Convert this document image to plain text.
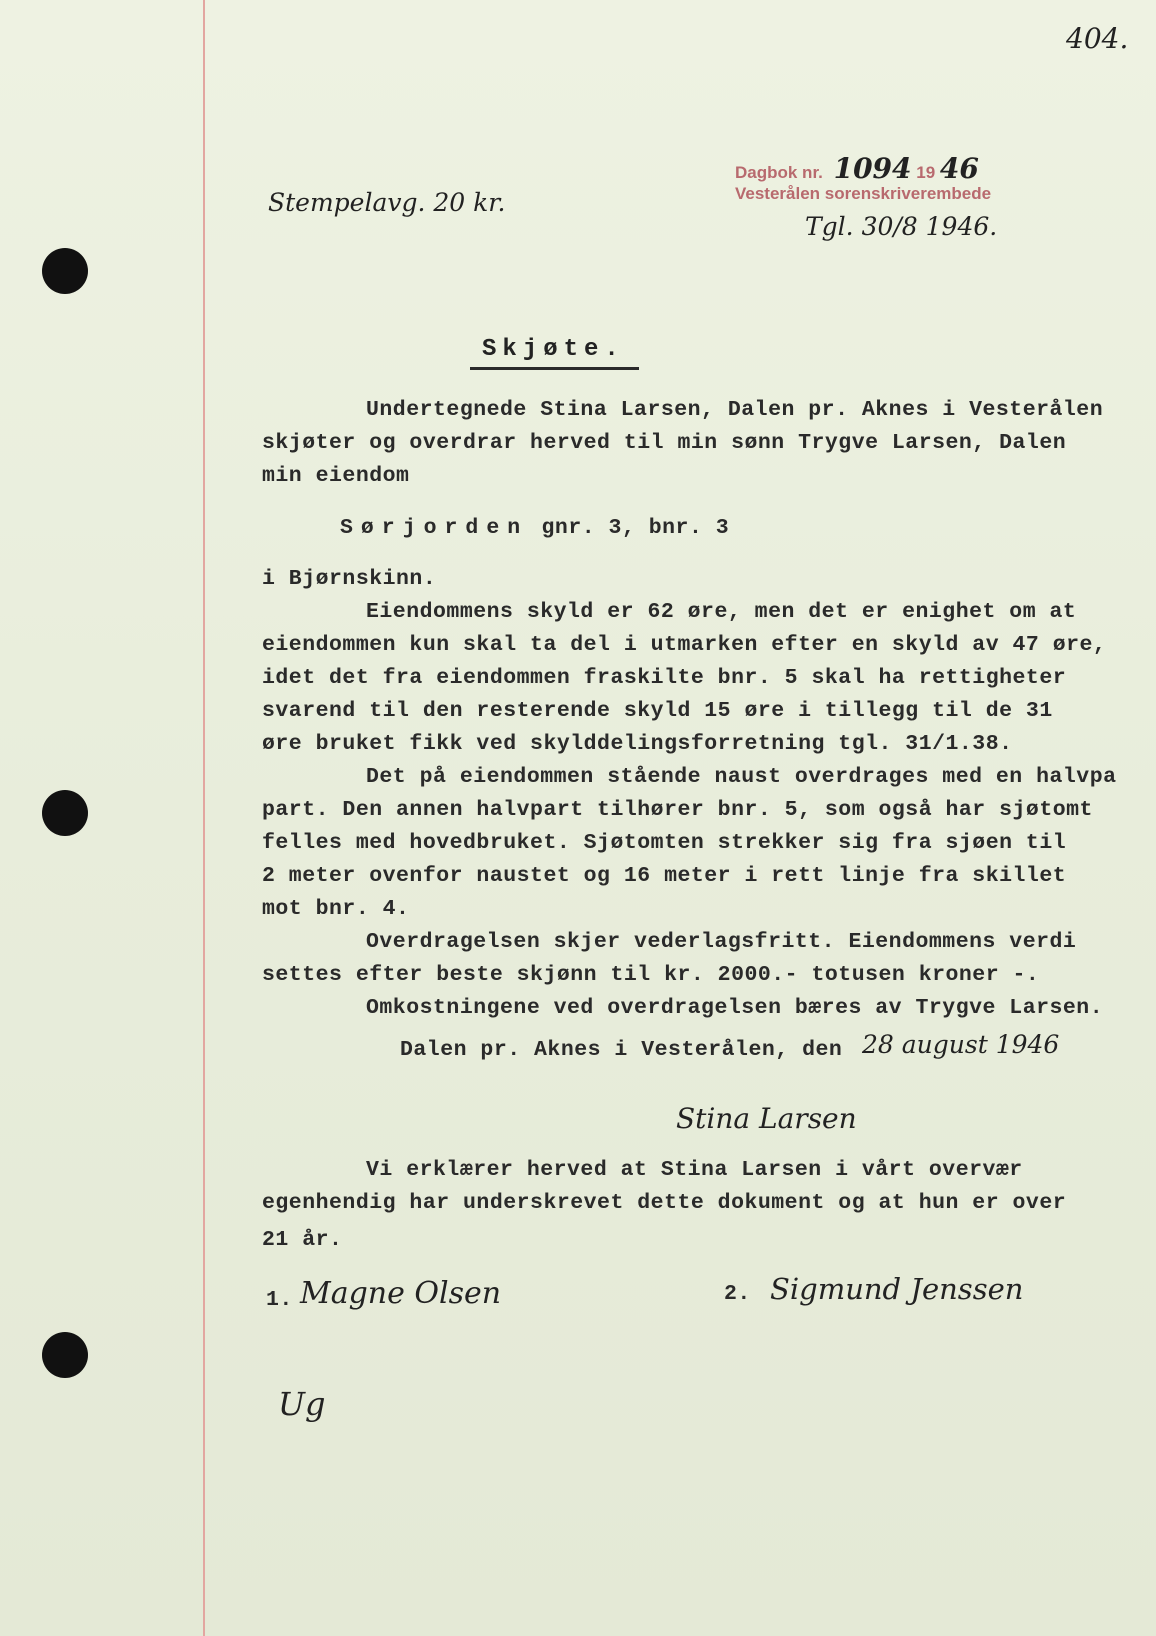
404.
Dagbok nr. 1094 19 46
Vesterålen sorenskriverembede
Tgl. 30/8 1946.
Stempelavg. 20 kr.
Skjøte.
Undertegnede Stina Larsen, Dalen pr. Aknes i Vesterålen
skjøter og overdrar herved til min sønn Trygve Larsen, Dalen
min eiendom
Sørjorden gnr. 3, bnr. 3
i Bjørnskinn.
Eiendommens skyld er 62 øre, men det er enighet om at
eiendommen kun skal ta del i utmarken efter en skyld av 47 øre,
idet det fra eiendommen fraskilte bnr. 5 skal ha rettigheter
svarend til den resterende skyld 15 øre i tillegg til de 31
øre bruket fikk ved skylddelingsforretning tgl. 31/1.38.
Det på eiendommen stående naust overdrages med en halvpa
part. Den annen halvpart tilhører bnr. 5, som også har sjøtomt
felles med hovedbruket. Sjøtomten strekker sig fra sjøen til
2 meter ovenfor naustet og 16 meter i rett linje fra skillet
mot bnr. 4.
Overdragelsen skjer vederlagsfritt. Eiendommens verdi
settes efter beste skjønn til kr. 2000.- totusen kroner -.
Omkostningene ved overdragelsen bæres av Trygve Larsen.
Dalen pr. Aknes i Vesterålen, den 28 august 1946
Stina Larsen
Vi erklærer herved at Stina Larsen i vårt overvær
egenhendig har underskrevet dette dokument og at hun er over
21 år.
1. Magne Olsen	2. Sigmund Jenssen
Ug
